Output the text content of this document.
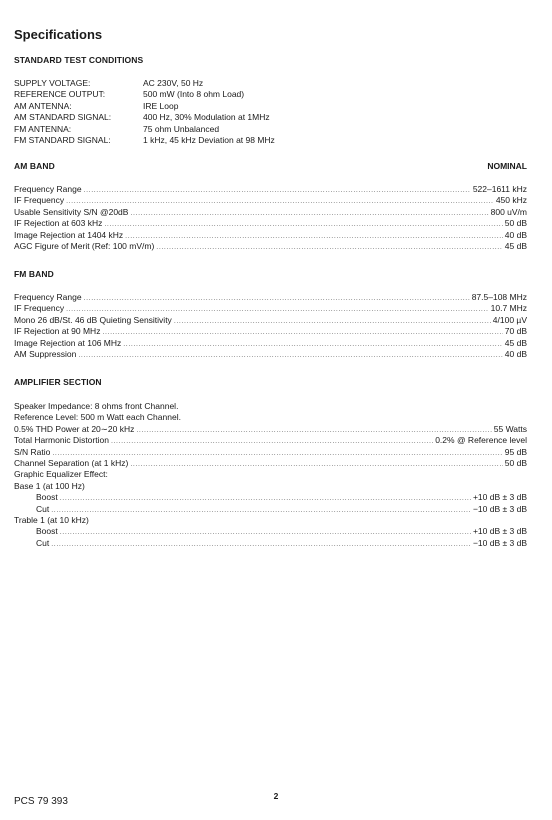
Specifications
STANDARD TEST CONDITIONS
SUPPLY VOLTAGE:	AC 230V, 50 Hz
REFERENCE OUTPUT:	500 mW (Into 8 ohm Load)
AM ANTENNA:	IRE Loop
AM STANDARD SIGNAL:	400 Hz, 30% Modulation at 1MHz
FM ANTENNA:	75 ohm Unbalanced
FM STANDARD SIGNAL:	1 kHz, 45 kHz Deviation at 98 MHz
AM BAND	NOMINAL
Frequency Range .....	522–1611 kHz
IF Frequency .....	450 kHz
Usable Sensitivity S/N @20dB .....	800 uV/m
IF Rejection at 603 kHz .....	50 dB
Image Rejection at 1404 kHz .....	40 dB
AGC Figure of Merit (Ref: 100 mV/m) .....	45 dB
FM BAND
Frequency Range .....	87.5–108 MHz
IF Frequency .....	10.7 MHz
Mono 26 dB/St. 46 dB Quieting Sensitivity .....	4/100 µV
IF Rejection at 90 MHz .....	70 dB
Image Rejection at 106 MHz .....	45 dB
AM Suppression .....	40 dB
AMPLIFIER SECTION
Speaker Impedance: 8 ohms front Channel.
Reference Level: 500 m Watt each Channel.
0.5% THD Power at 20∼20 kHz .....	55 Watts
Total Harmonic Distortion .....	0.2% @ Reference level
S/N Ratio .....	95 dB
Channel Separation (at 1 kHz) .....	50 dB
Graphic Equalizer Effect:
Base 1 (at 100 Hz)
Boost .....	+10 dB ± 3 dB
Cut .....	−10 dB ± 3 dB
Trable 1 (at 10 kHz)
Boost .....	+10 dB ± 3 dB
Cut .....	−10 dB ± 3 dB
2
PCS 79 393
